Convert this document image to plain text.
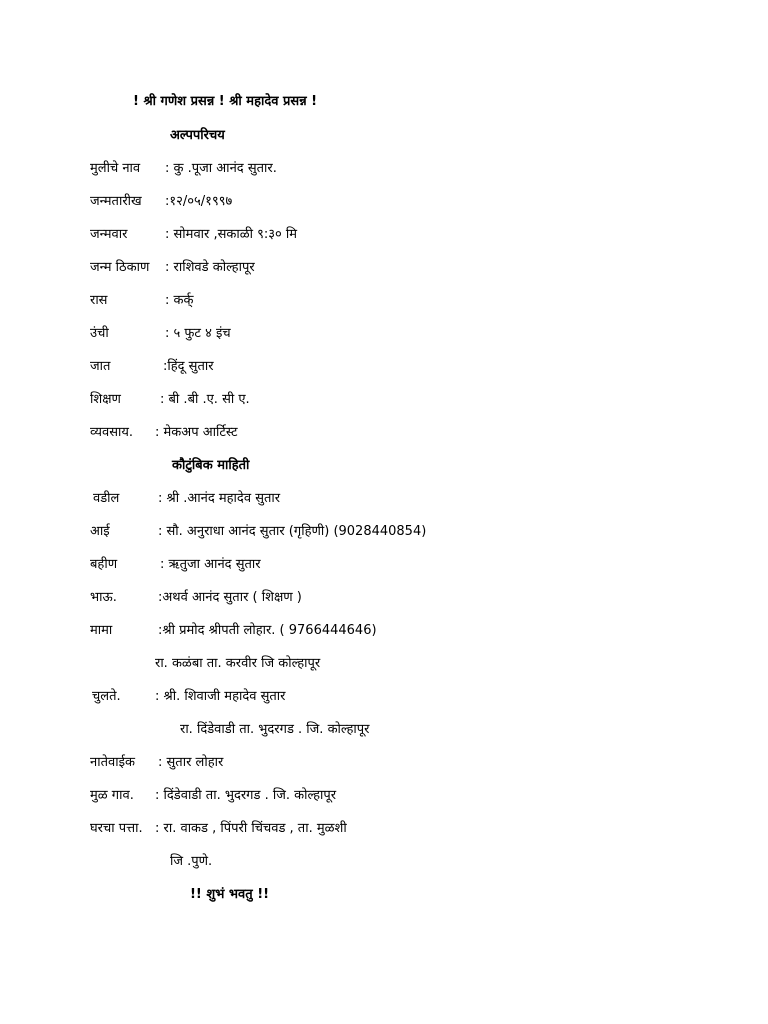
! श्री गणेश प्रसन्न ! श्री महादेव प्रसन्न !
अल्पपरिचय
मुलीचे नाव : कु .पूजा आनंद सुतार.
जन्मतारीख :१२/०५/१९९७
जन्मवार	: सोमवार ,सकाळी ९:३० मि
जन्म ठिकाण : राशिवडे कोल्हापूर
रास	: कर्क्
उंची	: ५ फुट ४ इंच
जात	:हिंदू सुतार
शिक्षण	: बी .बी .ए. सी ए.
व्यवसाय. : मेकअप आर्टिस्ट
कौटुंबिक माहिती
वडील	: श्री .आनंद महादेव सुतार
आई	: सौ. अनुराधा आनंद सुतार (गृहिणी) (9028440854)
बहीण	: ऋतुजा आनंद सुतार
भाऊ.	:अथर्व आनंद सुतार ( शिक्षण )
मामा	:श्री प्रमोद श्रीपती लोहार. ( 9766444646)
रा. कळंबा ता. करवीर जि कोल्हापूर
चुलते.	: श्री. शिवाजी महादेव सुतार
रा. दिंडेवाडी ता. भुदरगड . जि. कोल्हापूर
नातेवाईक : सुतार लोहार
मुळ गाव. : दिंडेवाडी ता. भुदरगड . जि. कोल्हापूर
घरचा पत्ता. : रा. वाकड , पिंपरी चिंचवड , ता. मुळशी
जि .पुणे.
!! शुभं भवतु !!
